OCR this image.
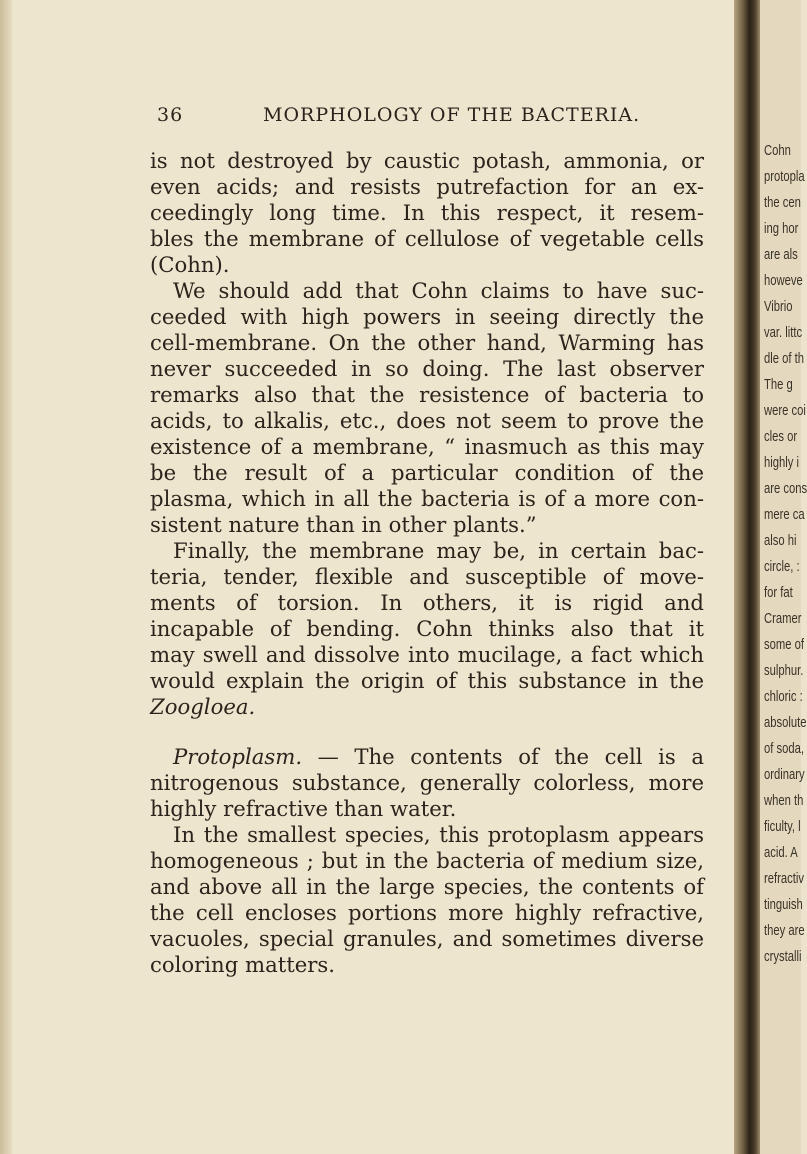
36	MORPHOLOGY OF THE BACTERIA.
is not destroyed by caustic potash, ammonia, or
even acids; and resists putrefaction for an ex-
ceedingly long time. In this respect, it resem-
bles the membrane of cellulose of vegetable cells
(Cohn).
We should add that Cohn claims to have suc-
ceeded with high powers in seeing directly the
cell-membrane. On the other hand, Warming has
never succeeded in so doing. The last observer
remarks also that the resistence of bacteria to
acids, to alkalis, etc., does not seem to prove the
existence of a membrane, “ inasmuch as this may
be the result of a particular condition of the
plasma, which in all the bacteria is of a more con-
sistent nature than in other plants.”
Finally, the membrane may be, in certain bac-
teria, tender, flexible and susceptible of move-
ments of torsion. In others, it is rigid and
incapable of bending. Cohn thinks also that it
may swell and dissolve into mucilage, a fact which
would explain the origin of this substance in the
Zoogloea.
Protoplasm. — The contents of the cell is a
nitrogenous substance, generally colorless, more
highly refractive than water.
In the smallest species, this protoplasm appears
homogeneous ; but in the bacteria of medium size,
and above all in the large species, the contents of
the cell encloses portions more highly refractive,
vacuoles, special granules, and sometimes diverse
coloring matters.
Cohn
protopla
the cen
ing hor
are als
howeve
Vibrio
var. littc
dle of th
The g
were coi
cles or
highly i
are cons
mere ca
also hi
circle, :
for fat
Cramer
some of
sulphur.
chloric :
absolute
of soda,
ordinary
when th
ficulty, l
acid. A
refractiv
tinguish
they are
crystalli
